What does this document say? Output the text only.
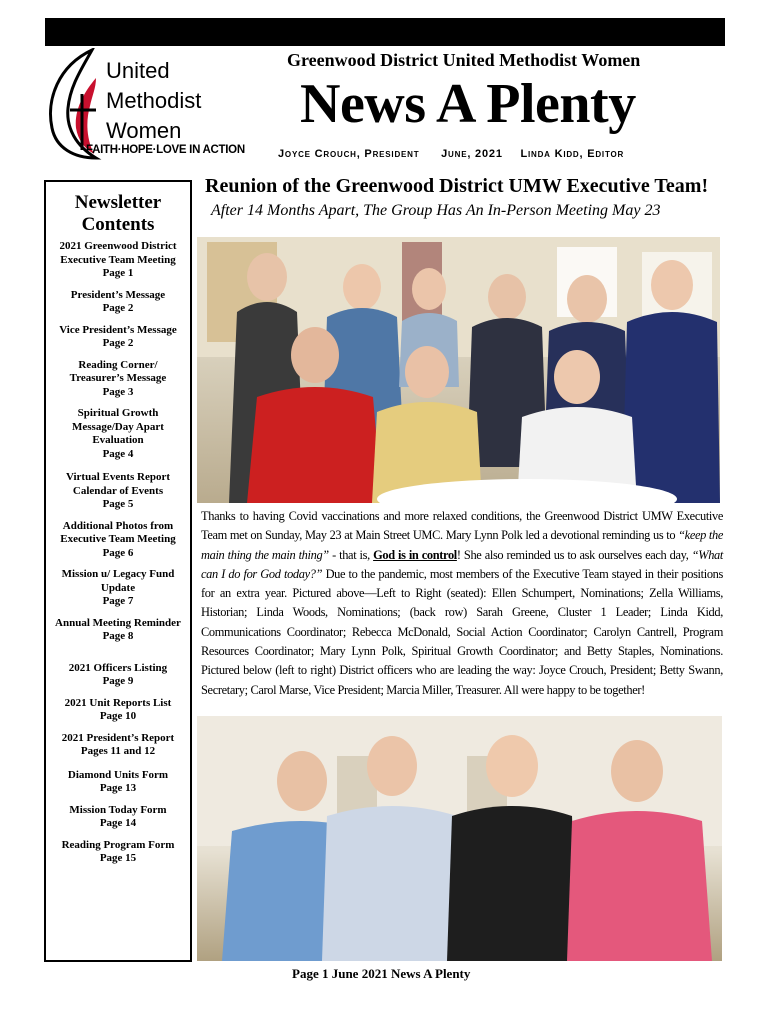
United
Methodist
Women
FAITH·HOPE·LOVE IN ACTION
Greenwood District United Methodist Women
News A Plenty
Joyce Crouch, President June, 2021 Linda Kidd, Editor
Newsletter
Contents
2021 Greenwood District Executive Team Meeting
Page 1
President’s Message
Page 2
Vice President’s Message
Page 2
Reading Corner/ Treasurer’s Message
Page 3
Spiritual Growth Message/Day Apart Evaluation
Page 4
Virtual Events Report Calendar of Events
Page 5
Additional Photos from Executive Team Meeting
Page 6
Mission u/ Legacy Fund Update
Page 7
Annual Meeting Reminder
Page 8
2021 Officers Listing
Page 9
2021 Unit Reports List
Page 10
2021 President’s Report
Pages 11 and 12
Diamond Units Form
Page 13
Mission Today Form
Page 14
Reading Program Form
Page 15
Reunion of the Greenwood District UMW Executive Team!
After 14 Months Apart, The Group Has An In-Person Meeting May 23
Thanks to having Covid vaccinations and more relaxed conditions, the Greenwood District UMW Executive Team met on Sunday, May 23 at Main Street UMC. Mary Lynn Polk led a devotional reminding us to “keep the main thing the main thing” - that is, God is in control! She also reminded us to ask ourselves each day, “What can I do for God today?” Due to the pandemic, most members of the Executive Team stayed in their positions for an extra year. Pictured above—Left to Right (seated): Ellen Schumpert, Nominations; Zella Williams, Historian; Linda Woods, Nominations; (back row) Sarah Greene, Cluster 1 Leader; Linda Kidd, Communications Coordinator; Rebecca McDonald, Social Action Coordinator; Carolyn Cantrell, Program Resources Coordinator; Mary Lynn Polk, Spiritual Growth Coordinator; and Betty Staples, Nominations. Pictured below (left to right) District officers who are leading the way: Joyce Crouch, President; Betty Swann, Secretary; Carol Marse, Vice President; Marcia Miller, Treasurer. All were happy to be together!
Page 1 June 2021 News A Plenty
